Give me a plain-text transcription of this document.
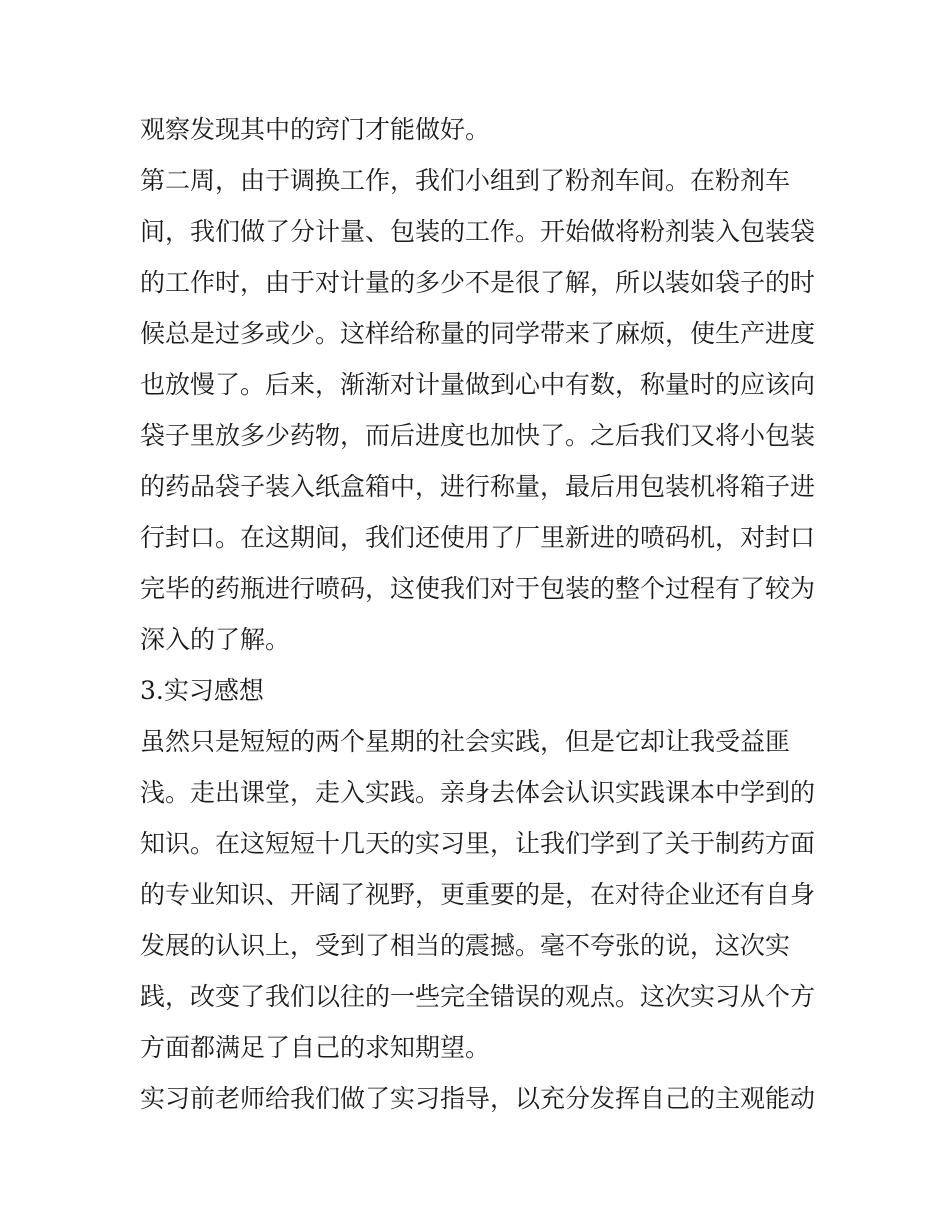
观察发现其中的窍门才能做好。
第二周，由于调换工作，我们小组到了粉剂车间。在粉剂车
间，我们做了分计量、包装的工作。开始做将粉剂装入包装袋
的工作时，由于对计量的多少不是很了解，所以装如袋子的时
候总是过多或少。这样给称量的同学带来了麻烦，使生产进度
也放慢了。后来，渐渐对计量做到心中有数，称量时的应该向
袋子里放多少药物，而后进度也加快了。之后我们又将小包装
的药品袋子装入纸盒箱中，进行称量，最后用包装机将箱子进
行封口。在这期间，我们还使用了厂里新进的喷码机，对封口
完毕的药瓶进行喷码，这使我们对于包装的整个过程有了较为
深入的了解。
3.实习感想
虽然只是短短的两个星期的社会实践，但是它却让我受益匪
浅。走出课堂，走入实践。亲身去体会认识实践课本中学到的
知识。在这短短十几天的实习里，让我们学到了关于制药方面
的专业知识、开阔了视野，更重要的是，在对待企业还有自身
发展的认识上，受到了相当的震撼。毫不夸张的说，这次实
践，改变了我们以往的一些完全错误的观点。这次实习从个方
方面都满足了自己的求知期望。
实习前老师给我们做了实习指导，以充分发挥自己的主观能动
